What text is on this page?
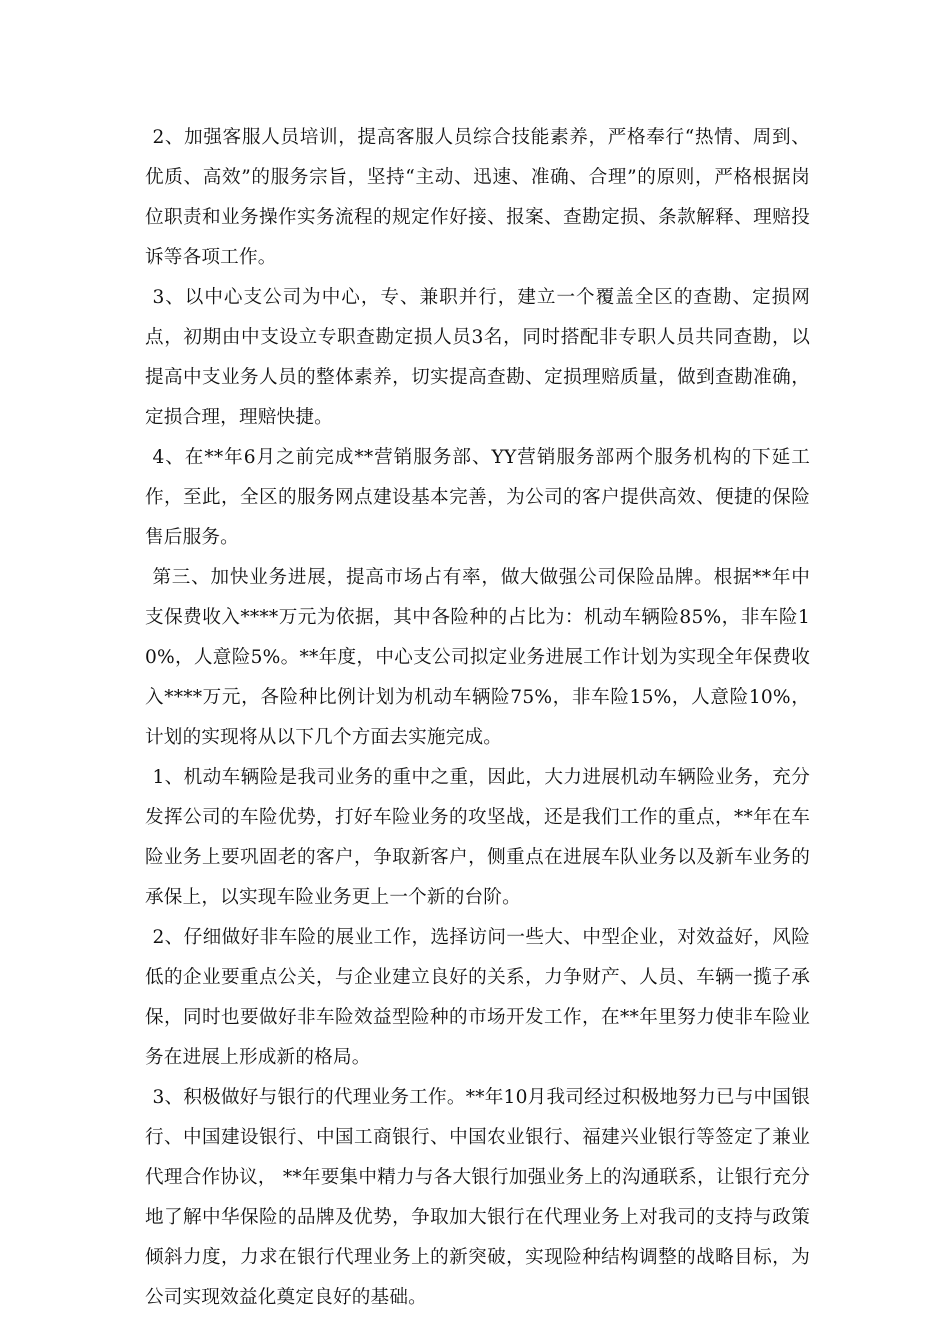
2、加强客服人员培训，提高客服人员综合技能素养，严格奉行“热情、周到、优质、高效”的服务宗旨，坚持“主动、迅速、准确、合理”的原则，严格根据岗位职责和业务操作实务流程的规定作好接、报案、查勘定损、条款解释、理赔投诉等各项工作。

3、以中心支公司为中心，专、兼职并行，建立一个覆盖全区的查勘、定损网点，初期由中支设立专职查勘定损人员3名，同时搭配非专职人员共同查勘，以提高中支业务人员的整体素养，切实提高查勘、定损理赔质量，做到查勘准确，定损合理，理赔快捷。

4、在**年6月之前完成**营销服务部、YY营销服务部两个服务机构的下延工作，至此，全区的服务网点建设基本完善，为公司的客户提供高效、便捷的保险售后服务。

第三、加快业务进展，提高市场占有率，做大做强公司保险品牌。根据**年中支保费收入****万元为依据，其中各险种的占比为：机动车辆险85%，非车险10%，人意险5%。**年度，中心支公司拟定业务进展工作计划为实现全年保费收入****万元，各险种比例计划为机动车辆险75%，非车险15%，人意险10%，计划的实现将从以下几个方面去实施完成。

1、机动车辆险是我司业务的重中之重，因此，大力进展机动车辆险业务，充分发挥公司的车险优势，打好车险业务的攻坚战，还是我们工作的重点，**年在车险业务上要巩固老的客户，争取新客户，侧重点在进展车队业务以及新车业务的承保上，以实现车险业务更上一个新的台阶。

2、仔细做好非车险的展业工作，选择访问一些大、中型企业，对效益好，风险低的企业要重点公关，与企业建立良好的关系，力争财产、人员、车辆一揽子承保，同时也要做好非车险效益型险种的市场开发工作，在**年里努力使非车险业务在进展上形成新的格局。

3、积极做好与银行的代理业务工作。**年10月我司经过积极地努力已与中国银行、中国建设银行、中国工商银行、中国农业银行、福建兴业银行等签定了兼业代理合作协议， **年要集中精力与各大银行加强业务上的沟通联系，让银行充分地了解中华保险的品牌及优势，争取加大银行在代理业务上对我司的支持与政策倾斜力度，力求在银行代理业务上的新突破，实现险种结构调整的战略目标，为公司实现效益化奠定良好的基础。
